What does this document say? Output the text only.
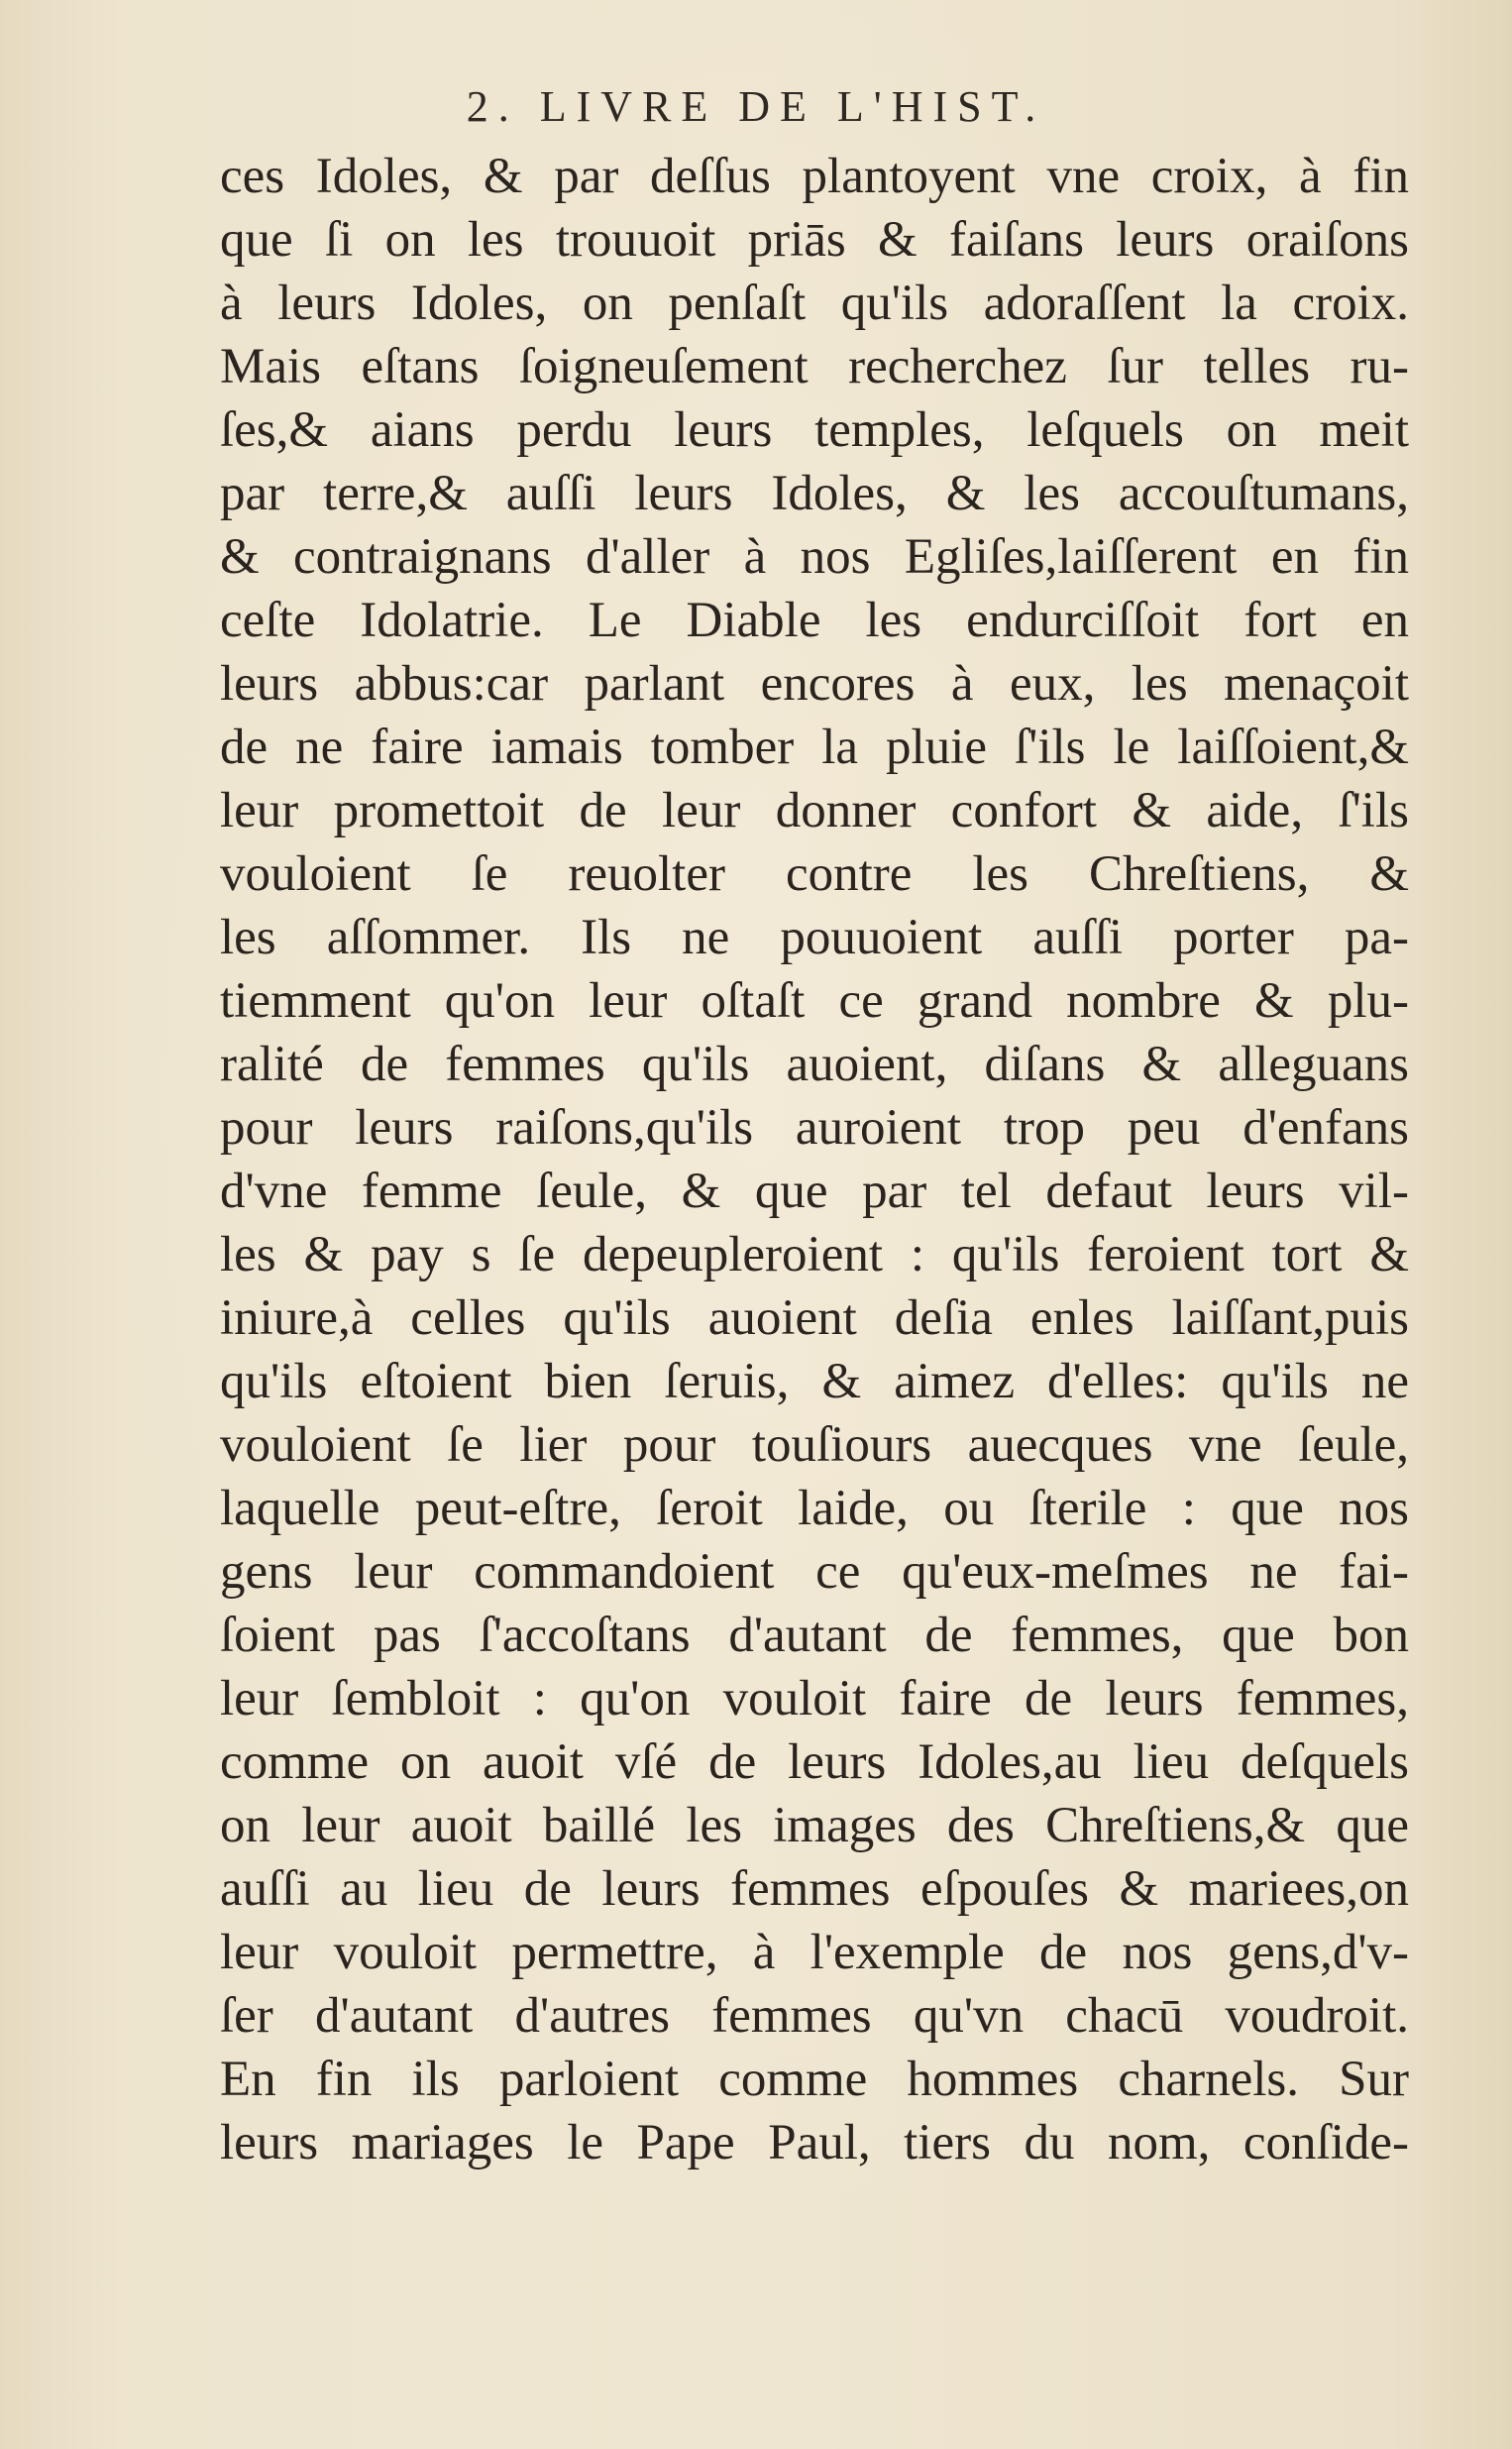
2. LIVRE DE L'HIST.
ces Idoles, & par deſſus plantoyent vne croix, à fin
que ſi on les trouuoit priās & faiſans leurs oraiſons
à leurs Idoles, on penſaſt qu'ils adoraſſent la croix.
Mais eſtans ſoigneuſement recherchez ſur telles ru-
ſes,& aians perdu leurs temples, leſquels on meit
par terre,& auſſi leurs Idoles, & les accouſtumans,
& contraignans d'aller à nos Egliſes,laiſſerent en fin
ceſte Idolatrie. Le Diable les endurciſſoit fort en
leurs abbus:car parlant encores à eux, les menaçoit
de ne faire iamais tomber la pluie ſ'ils le laiſſoient,&
leur promettoit de leur donner confort & aide, ſ'ils
vouloient ſe reuolter contre les Chreſtiens, &
les aſſommer. Ils ne pouuoient auſſi porter pa-
tiemment qu'on leur oſtaſt ce grand nombre & plu-
ralité de femmes qu'ils auoient, diſans & alleguans
pour leurs raiſons,qu'ils auroient trop peu d'enfans
d'vne femme ſeule, & que par tel defaut leurs vil-
les & pay s ſe depeupleroient : qu'ils feroient tort &
iniure,à celles qu'ils auoient deſia enles laiſſant,puis
qu'ils eſtoient bien ſeruis, & aimez d'elles: qu'ils ne
vouloient ſe lier pour touſiours auecques vne ſeule,
laquelle peut-eſtre, ſeroit laide, ou ſterile : que nos
gens leur commandoient ce qu'eux-meſmes ne fai-
ſoient pas ſ'accoſtans d'autant de femmes, que bon
leur ſembloit : qu'on vouloit faire de leurs femmes,
comme on auoit vſé de leurs Idoles,au lieu deſquels
on leur auoit baillé les images des Chreſtiens,& que
auſſi au lieu de leurs femmes eſpouſes & mariees,on
leur vouloit permettre, à l'exemple de nos gens,d'v-
ſer d'autant d'autres femmes qu'vn chacū voudroit.
En fin ils parloient comme hommes charnels. Sur
leurs mariages le Pape Paul, tiers du nom, conſide-
